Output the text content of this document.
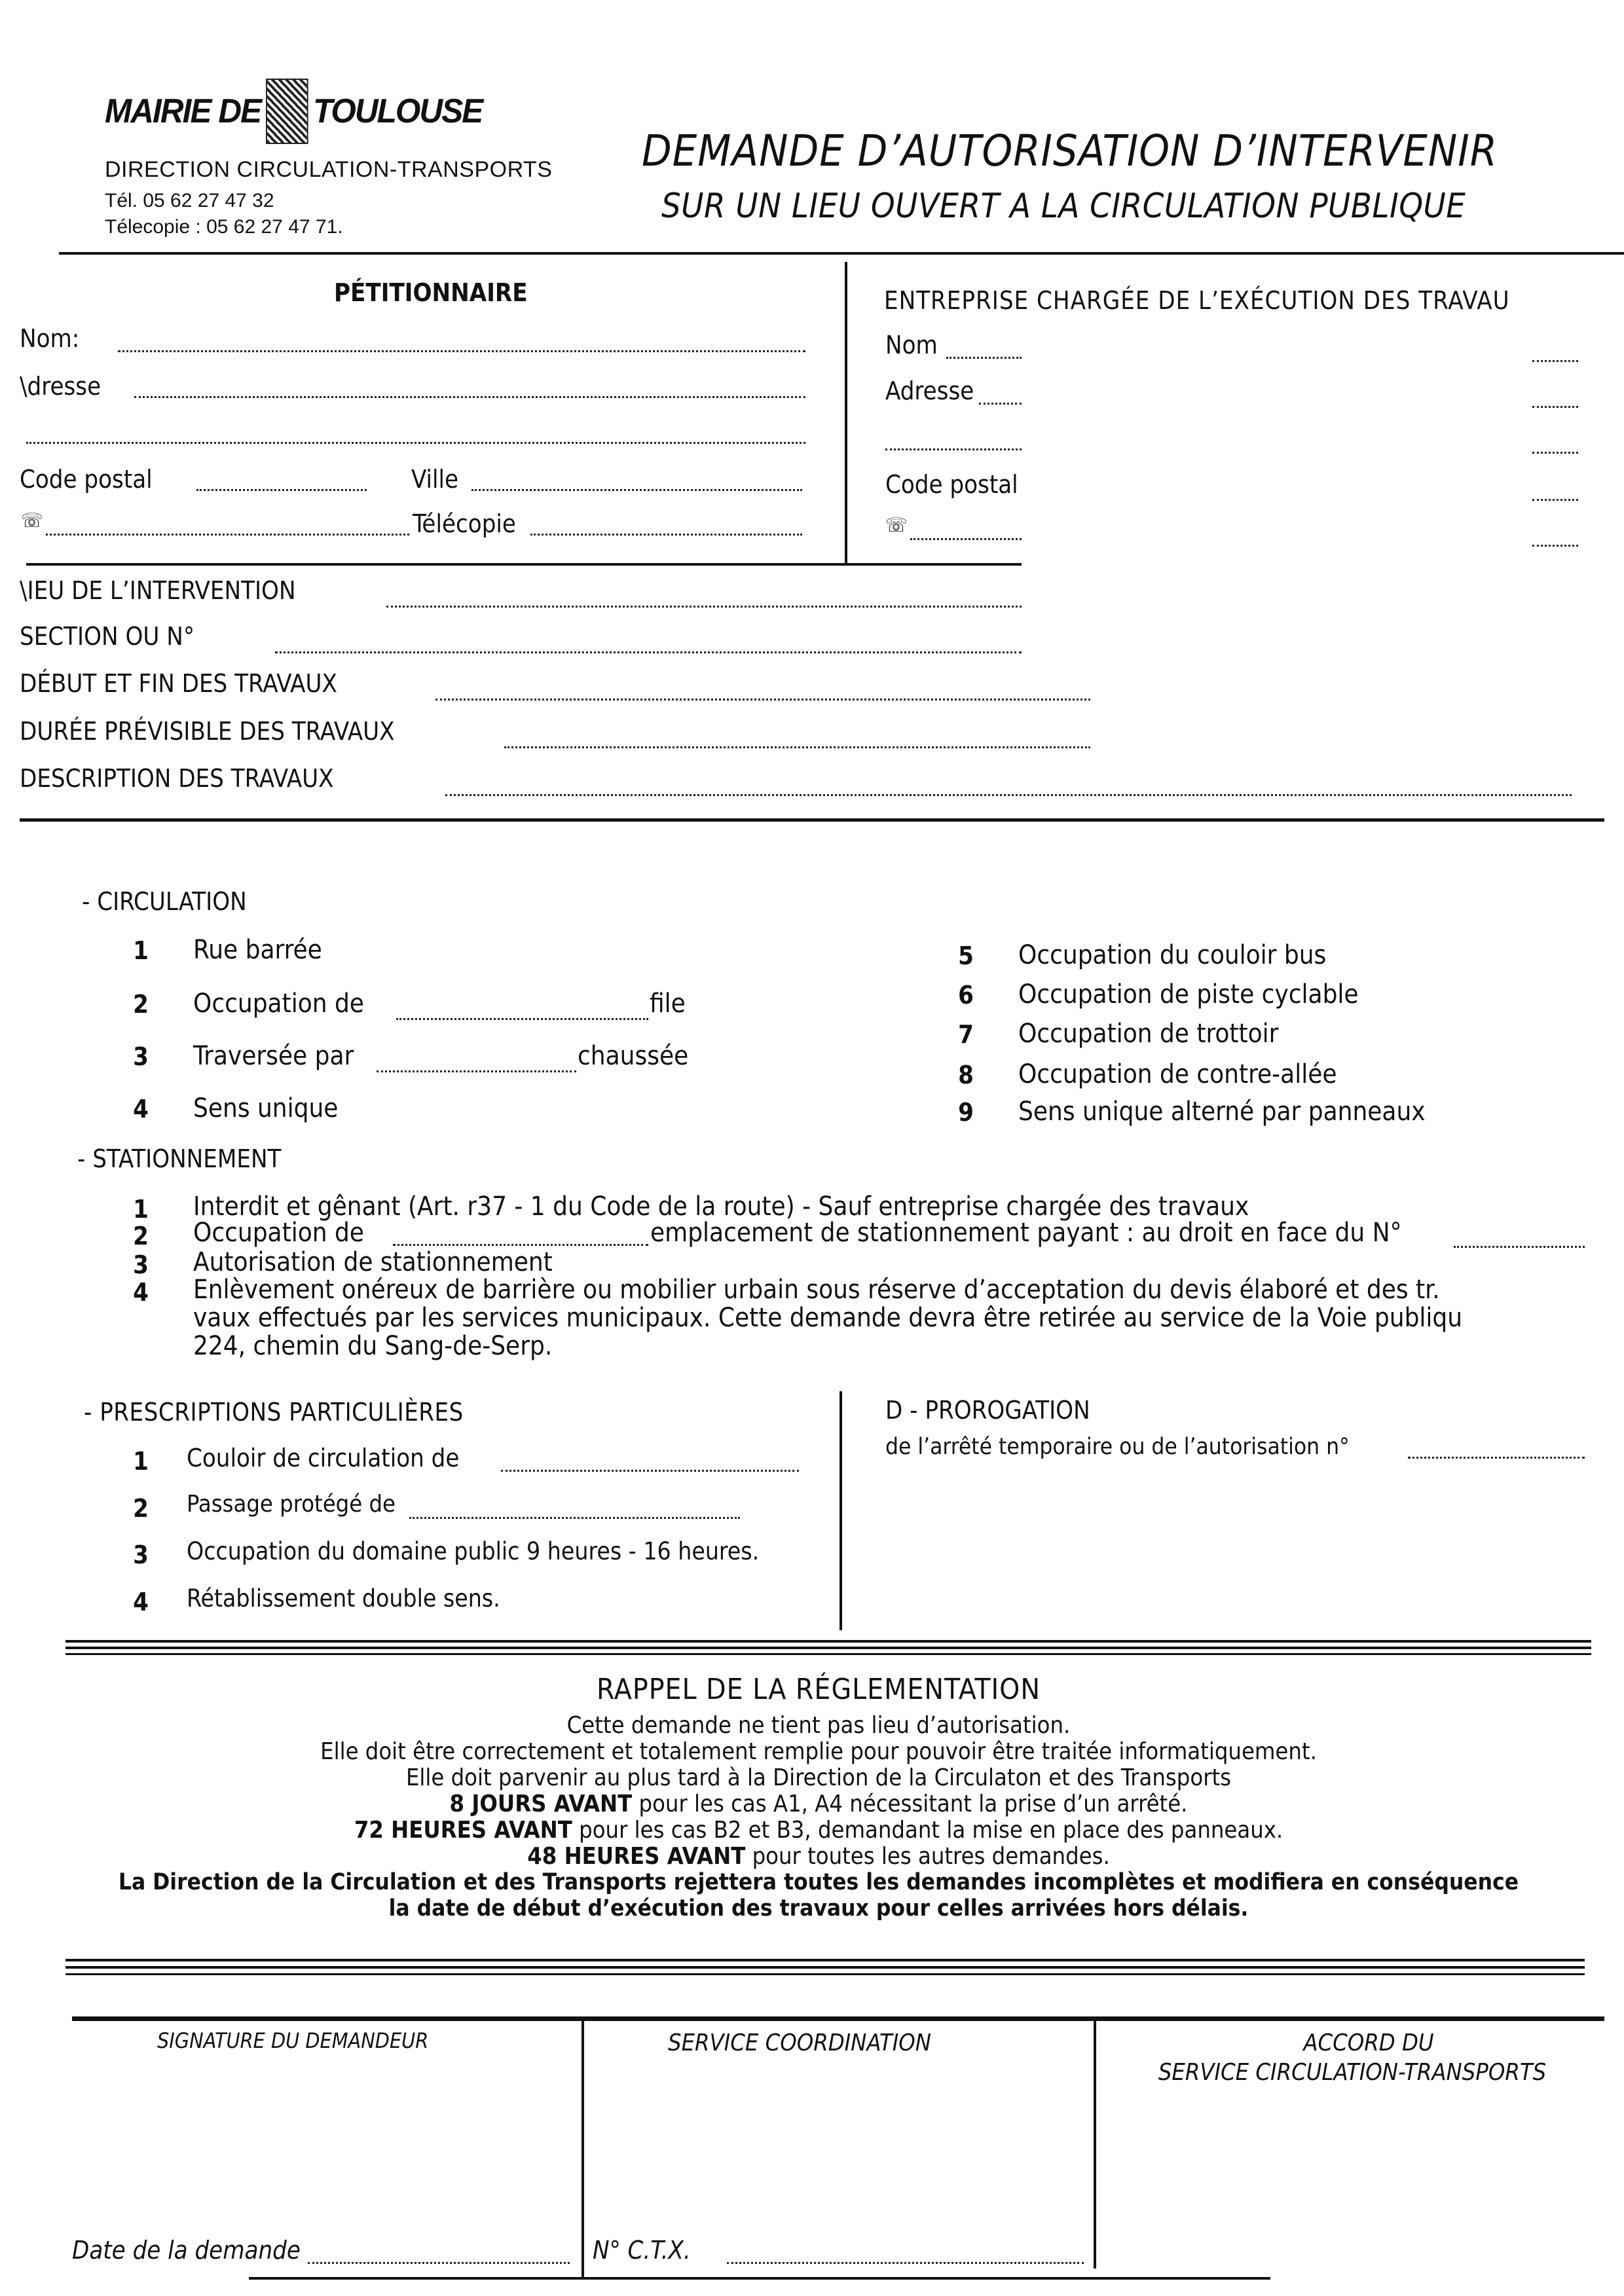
MAIRIE DE TOULOUSE
DIRECTION CIRCULATION-TRANSPORTS
Tél. 05 62 27 47 32
Télecopie : 05 62 27 47 71.
DEMANDE D’AUTORISATION D’INTERVENIR
SUR UN LIEU OUVERT A LA CIRCULATION PUBLIQUE
PÉTITIONNAIRE
Nom:
\dresse
Code postal	Ville
☏	Télécopie
ENTREPRISE CHARGÉE DE L’EXÉCUTION DES TRAVAU
Nom
Adresse
Code postal
☏
\IEU DE L’INTERVENTION
SECTION OU N°
DÉBUT ET FIN DES TRAVAUX
DURÉE PRÉVISIBLE DES TRAVAUX
DESCRIPTION DES TRAVAUX
- CIRCULATION
1 Rue barrée
2 Occupation de	file
3 Traversée par	chaussée
4 Sens unique
5 Occupation du couloir bus
6 Occupation de piste cyclable
7 Occupation de trottoir
8 Occupation de contre-allée
9 Sens unique alterné par panneaux
- STATIONNEMENT
1 Interdit et gênant (Art. r37 - 1 du Code de la route) - Sauf entreprise chargée des travaux
2 Occupation de	emplacement de stationnement payant : au droit en face du N°
3 Autorisation de stationnement
4 Enlèvement onéreux de barrière ou mobilier urbain sous réserve d’acceptation du devis élaboré et des tr.
vaux effectués par les services municipaux. Cette demande devra être retirée au service de la Voie publiqu
224, chemin du Sang-de-Serp.
- PRESCRIPTIONS PARTICULIÈRES
1 Couloir de circulation de
2 Passage protégé de
3 Occupation du domaine public 9 heures - 16 heures.
4 Rétablissement double sens.
D - PROROGATION
de l’arrêté temporaire ou de l’autorisation n°
RAPPEL DE LA RÉGLEMENTATION
Cette demande ne tient pas lieu d’autorisation.
Elle doit être correctement et totalement remplie pour pouvoir être traitée informatiquement.
Elle doit parvenir au plus tard à la Direction de la Circulaton et des Transports
8 JOURS AVANT pour les cas A1, A4 nécessitant la prise d’un arrêté.
72 HEURES AVANT pour les cas B2 et B3, demandant la mise en place des panneaux.
48 HEURES AVANT pour toutes les autres demandes.
La Direction de la Circulation et des Transports rejettera toutes les demandes incomplètes et modifiera en conséquence
la date de début d’exécution des travaux pour celles arrivées hors délais.
SIGNATURE DU DEMANDEUR	SERVICE COORDINATION	ACCORD DU
SERVICE CIRCULATION-TRANSPORTS
Date de la demande	N° C.T.X.
